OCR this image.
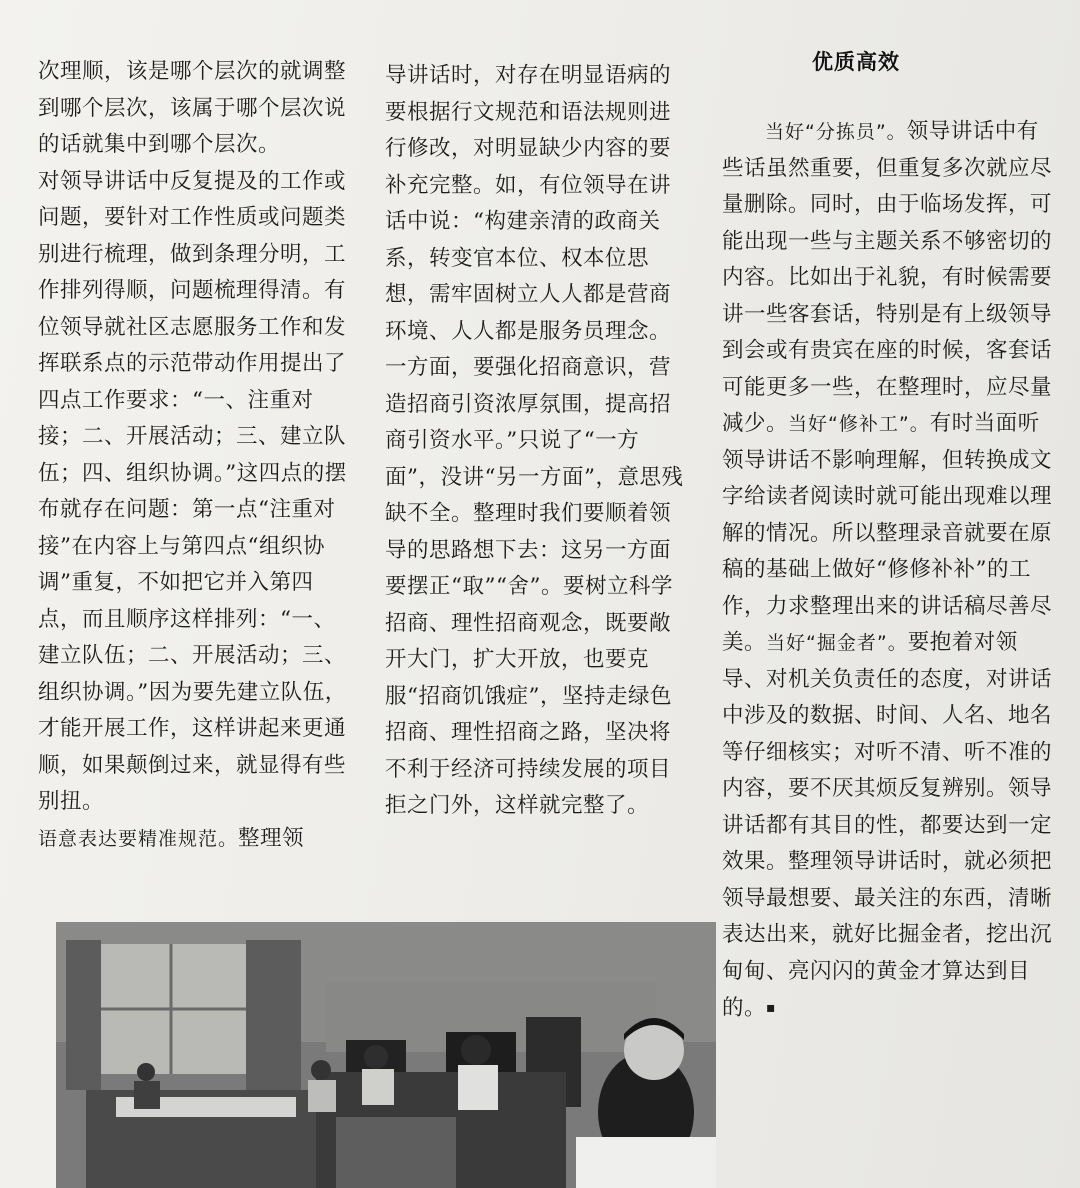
优质高效

次理顺，该是哪个层次的就调整到哪个层次，该属于哪个层次说的话就集中到哪个层次。

对领导讲话中反复提及的工作或问题，要针对工作性质或问题类别进行梳理，做到条理分明，工作排列得顺，问题梳理得清。有位领导就社区志愿服务工作和发挥联系点的示范带动作用提出了四点工作要求：“一、注重对接；二、开展活动；三、建立队伍；四、组织协调。”这四点的摆布就存在问题：第一点“注重对接”在内容上与第四点“组织协调”重复，不如把它并入第四点，而且顺序这样排列：“一、建立队伍；二、开展活动；三、 组织协调。”因为要先建立队伍，才能开展工作，这样讲起来更通顺，如果颠倒过来，就显得有些别扭。

语意表达要精准规范。整理领

导讲话时，对存在明显语病的要根据行文规范和语法规则进行修改，对明显缺少内容的要补充完整。如，有位领导在讲话中说：“构建亲清的政商关系，转变官本位、权本位思想，需牢固树立人人都是营商环境、人人都是服务员理念。一方面，要强化招商意识，营造招商引资浓厚氛围，提高招商引资水平。”只说了“一方面”，没讲“另一方面”，意思残缺不全。整理时我们要顺着领导的思路想下去：这另一方面要摆正“取”“舍”。要树立科学招商、理性招商观念，既要敞开大门，扩大开放，也要克服“招商饥饿症”，坚持走绿色招商、理性招商之路，坚决将不利于经济可持续发展的项目拒之门外，这样就完整了。

当好“分拣员”。领导讲话中有些话虽然重要，但重复多次就应尽量删除。同时，由于临场发挥，可能出现一些与主题关系不够密切的内容。比如出于礼貌，有时候需要讲一些客套话，特别是有上级领导到会或有贵宾在座的时候，客套话可能更多一些，在整理时，应尽量减少。当好“修补工”。有时当面听领导讲话不影响理解，但转换成文字给读者阅读时就可能出现难以理解的情况。所以整理录音就要在原稿的基础上做好“修修补补”的工作，力求整理出来的讲话稿尽善尽美。当好“掘金者”。要抱着对领导、对机关负责任的态度，对讲话中涉及的数据、时间、人名、地名等仔细核实；对听不清、听不准的内容，要不厌其烦反复辨别。领导讲话都有其目的性，都要达到一定效果。整理领导讲话时，就必须把领导最想要、最关注的东西，清晰表达出来，就好比掘金者，挖出沉甸甸、亮闪闪的黄金才算达到目的。▪
